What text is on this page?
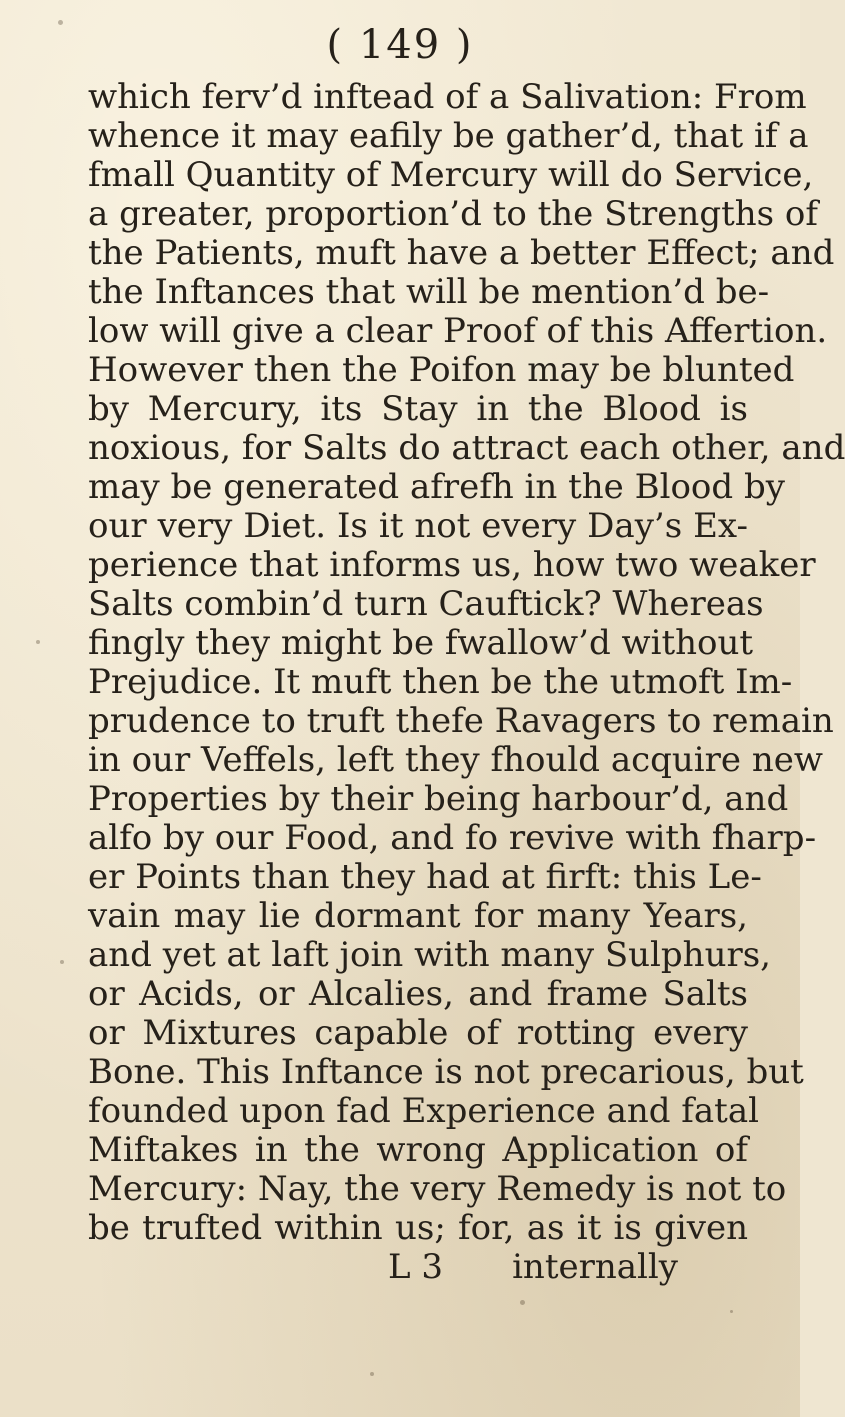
( 149 )
which ferv’d inftead of a Salivation: From
whence it may eafily be gather’d, that if a
fmall Quantity of Mercury will do Service,
a greater, proportion’d to the Strengths of
the Patients, muft have a better Effect; and
the Inftances that will be mention’d be-
low will give a clear Proof of this Affertion.
However then the Poifon may be blunted
by Mercury, its Stay in the Blood is
noxious, for Salts do attract each other, and
may be generated afrefh in the Blood by
our very Diet. Is it not every Day’s Ex-
perience that informs us, how two weaker
Salts combin’d turn Cauftick? Whereas
fingly they might be fwallow’d without
Prejudice. It muft then be the utmoft Im-
prudence to truft thefe Ravagers to remain
in our Veffels, left they fhould acquire new
Properties by their being harbour’d, and
alfo by our Food, and fo revive with fharp-
er Points than they had at firft: this Le-
vain may lie dormant for many Years,
and yet at laft join with many Sulphurs,
or Acids, or Alcalies, and frame Salts
or Mixtures capable of rotting every
Bone. This Inftance is not precarious, but
founded upon fad Experience and fatal
Miftakes in the wrong Application of
Mercury: Nay, the very Remedy is not to
be trufted within us; for, as it is given
L 3 internally
